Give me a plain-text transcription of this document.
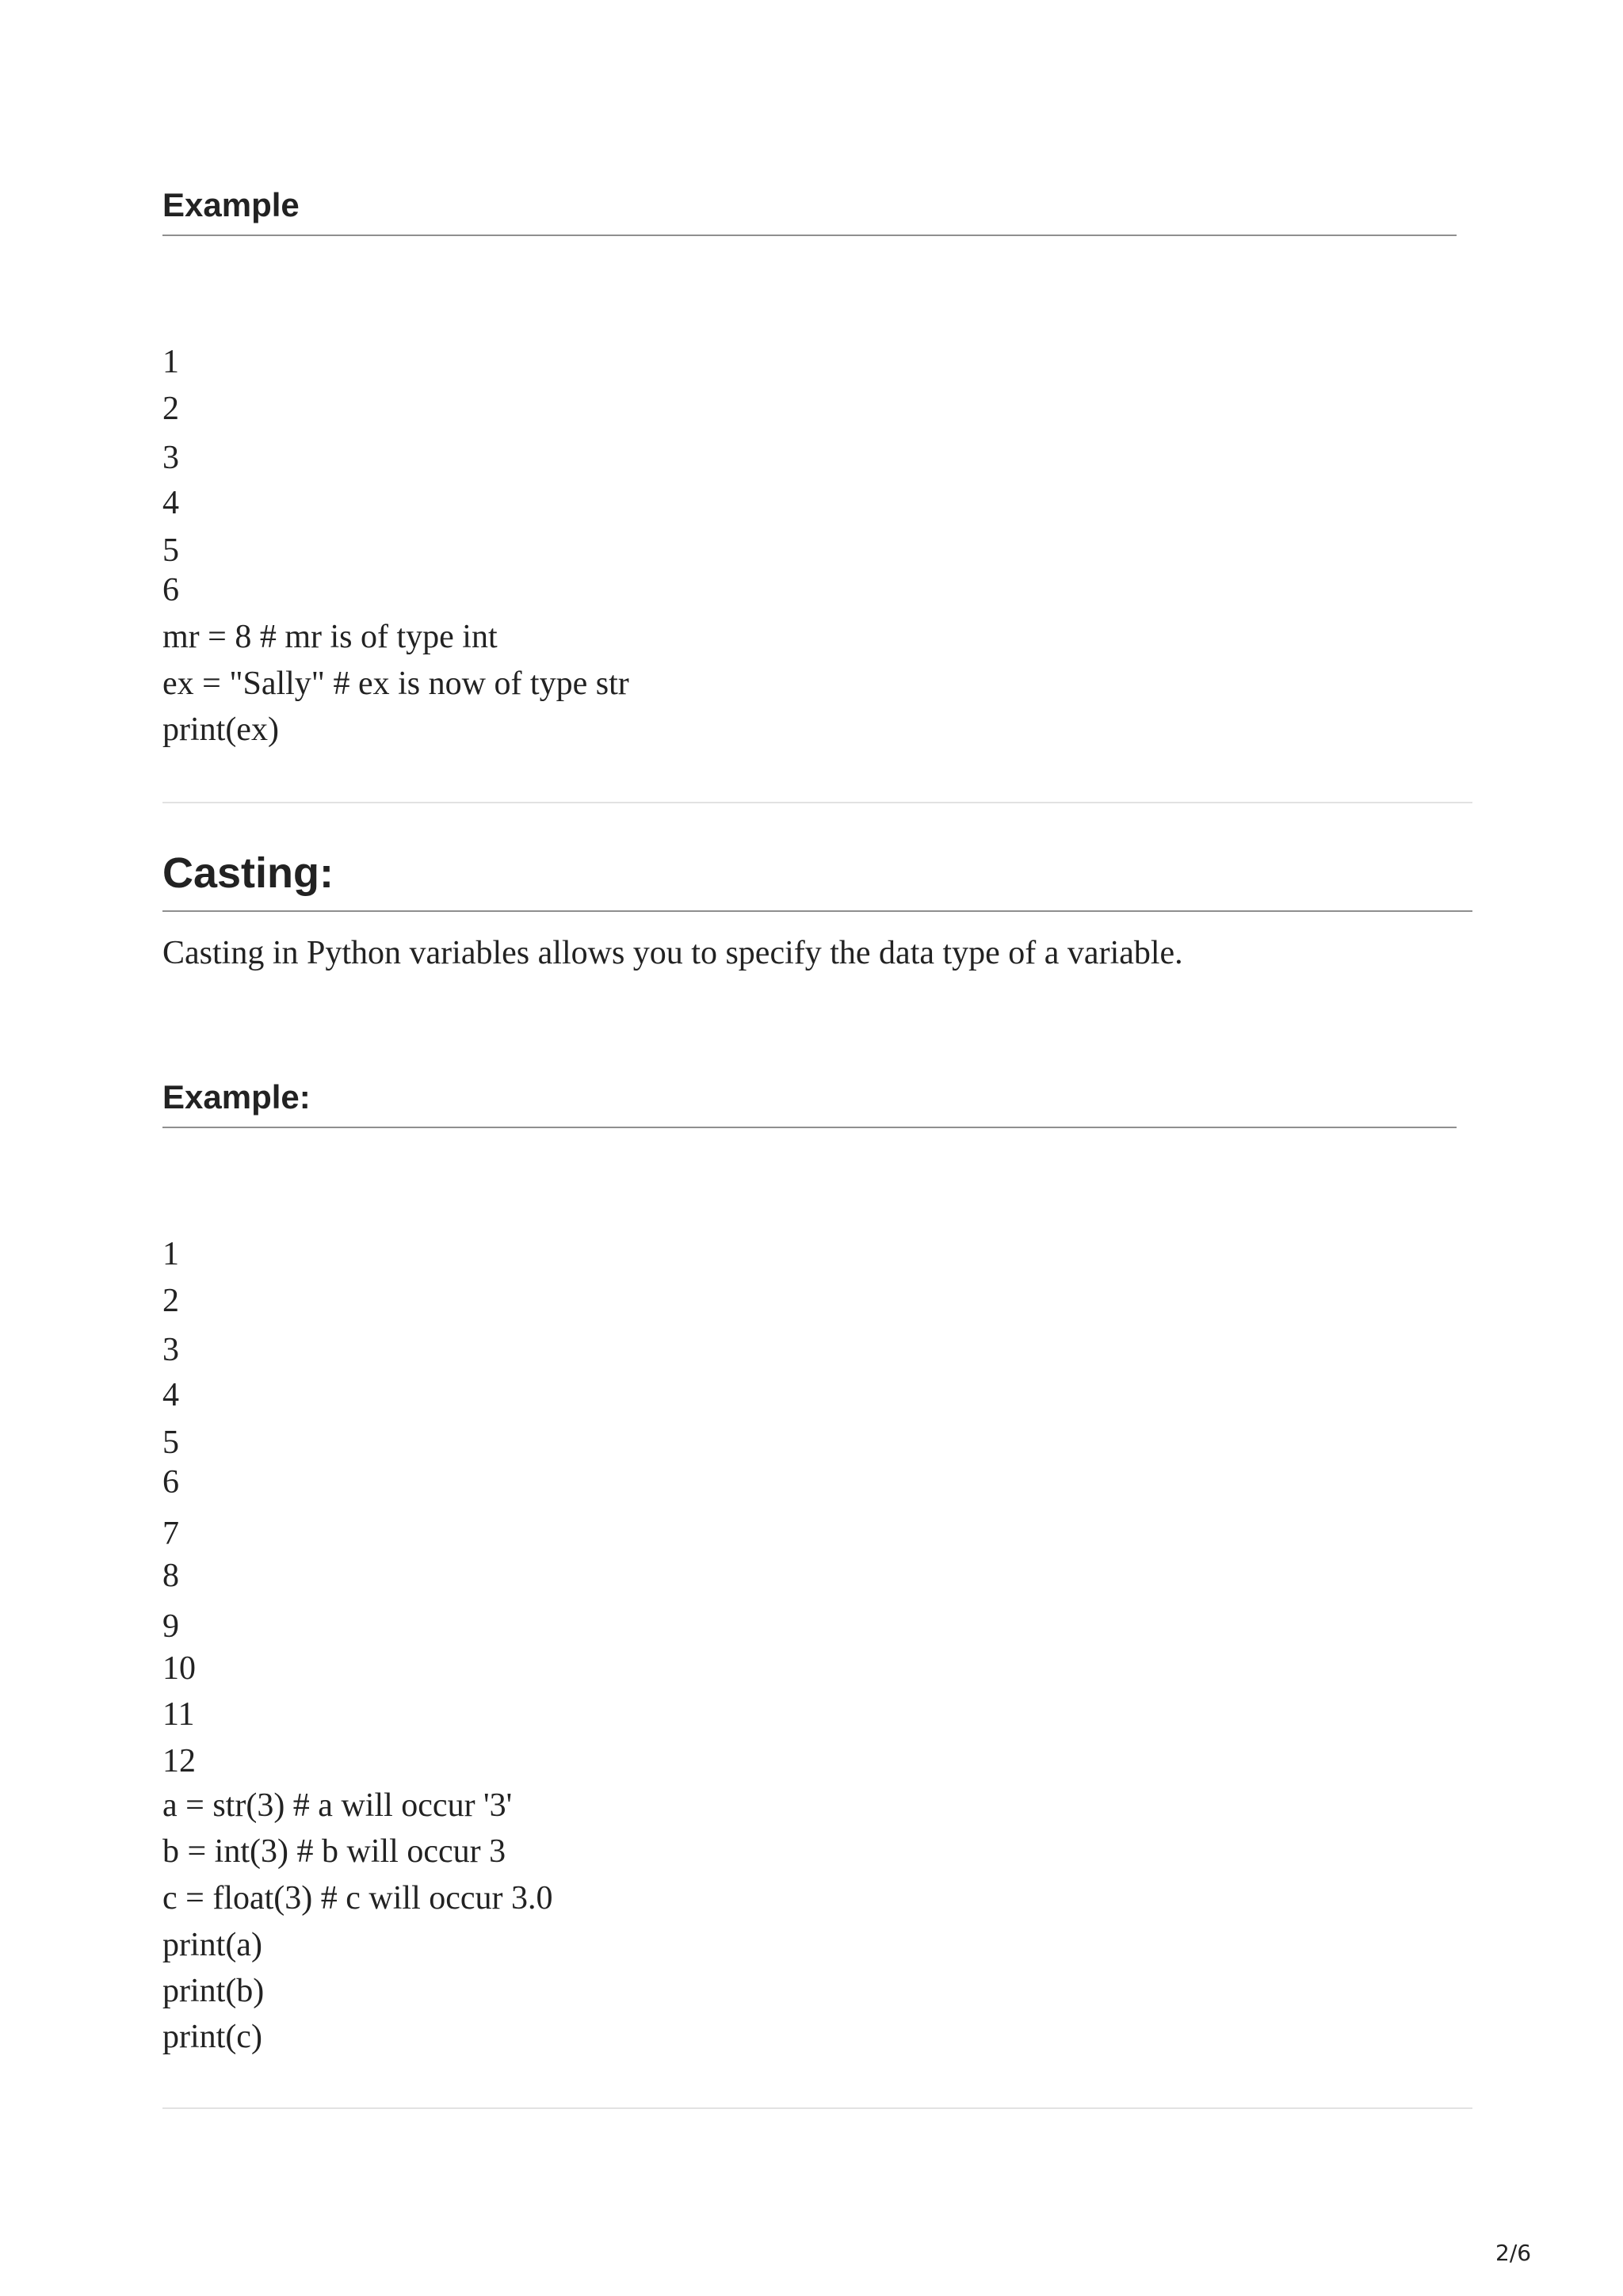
Example
1
2
3
4
5
6
mr = 8 # mr is of type int
ex = "Sally" # ex is now of type str
print(ex)
Casting:
Casting in Python variables allows you to specify the data type of a variable.
Example:
1
2
3
4
5
6
7
8
9
10
11
12
a = str(3) # a will occur '3'
b = int(3) # b will occur 3
c = float(3) # c will occur 3.0
print(a)
print(b)
print(c)
2/6
